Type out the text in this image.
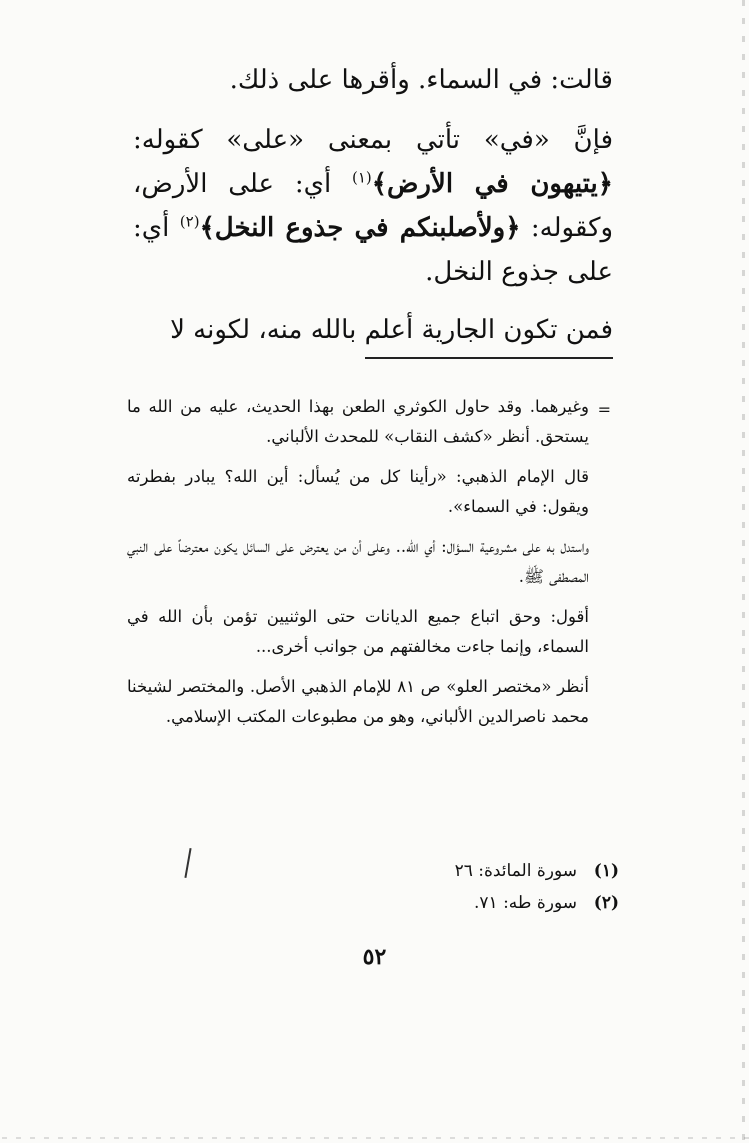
قالت: في السماء. وأقرها على ذلك.

فإنَّ «في» تأتي بمعنى «على» كقوله: ﴿يتيهون في الأرض﴾$^{(١)}$ أي: على الأرض، وكقوله: ﴿ولأصلبنكم في جذوع النخل﴾$^{(٢)}$ أي: على جذوع النخل.

فمن تكون الجارية أعلم بالله منه، لكونه لا

=

وغيرهما. وقد حاول الكوثري الطعن بهذا الحديث، عليه من الله ما يستحق. أنظر «كشف النقاب» للمحدث الألباني.

قال الإمام الذهبي: «رأينا كل من يُسأل: أين الله؟ يبادر بفطرته ويقول: في السماء».

واستدل به على مشروعية السؤال: أي الله.. وعلى أن من يعترض على السائل يكون معترضاً على النبي المصطفى ﷺ.

أقول: وحق اتباع جميع الديانات حتى الوثنيين تؤمن بأن الله في السماء، وإنما جاءت مخالفتهم من جوانب أخرى...

أنظر «مختصر العلو» ص ٨١ للإمام الذهبي الأصل. والمختصر لشيخنا محمد ناصرالدين الألباني، وهو من مطبوعات المكتب الإسلامي.

(١)
سورة المائدة: ٢٦
(٢)
سورة طه: ٧١.
٥٢
